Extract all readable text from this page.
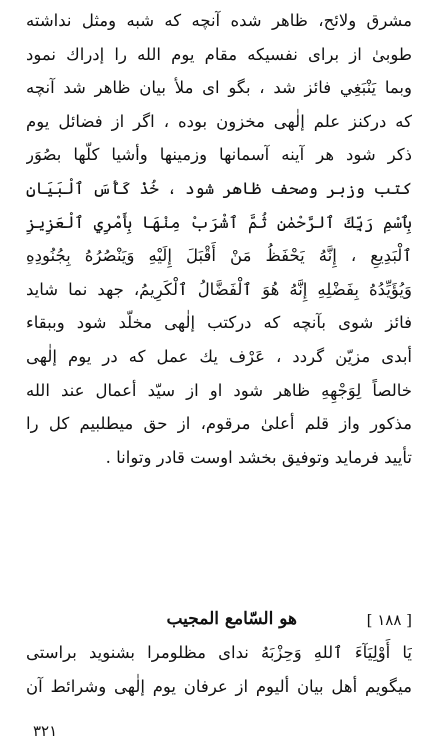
مشرق ولائح، ظاهر شده آنچه که شبه ومثل نداشته
طوبىٰ از براى نفسيكه مقام يوم الله را إدراك نمود
وبما يَنْبَغِي فائز شد ، بگو اى ملأ بيان ظاهر شد آنچه
كه دركنز علم إلٰهى مخزون بوده ، اگر از فضائل يوم
ذكر شود هر آينه آسمانها وزمينها وأشيا كلّها بصُوَر
كتب وزبر وصحف ظاهر شود ، خُذْ كَأْسَ ٱلْبَيَانِ
بِٱسْمِ رَبِّكَ ٱلرَّحْمٰنِ ثُمَّ ٱشْرَبْ مِنْهَا بِأَمْرِي ٱلْعَزِيزِ
ٱلْبَدِيعِ ، إِنَّهُ يَحْفَظُ مَنْ أَقْبَلَ إِلَيْهِ وَيَنْصُرُهُ بِجُنُودِهِ
وَيُؤَيِّدُهُ بِفَضْلِهِ إِنَّهُ هُوَ ٱلْفَضَّالُ ٱلْكَرِيمُ، جهد نما شايد
فائز شوى بآنچه كه دركتب إلٰهى مخلّد شود وببقاء
أبدى مزيّن گردد ، عَرْف يك عمل كه در يوم إلٰهى
خالصاً لِوَجْهِهِ ظاهر شود او از سيّد أعمال عند الله
مذكور واز قلم أعلىٰ مرقوم، از حق ميطلبيم كل را
تأييد فرمايد وتوفيق بخشد اوست قادر وتوانا .
[ ١٨٨ ]
هو السّامع المجيب
يَا أَوْلِيَآءَ ٱللهِ وَحِزْبَهُ نداى مظلومرا بشنويد براستى
ميگويم أهل بيان أليوم از عرفان يوم إلٰهى وشرائط آن
٣٢١
